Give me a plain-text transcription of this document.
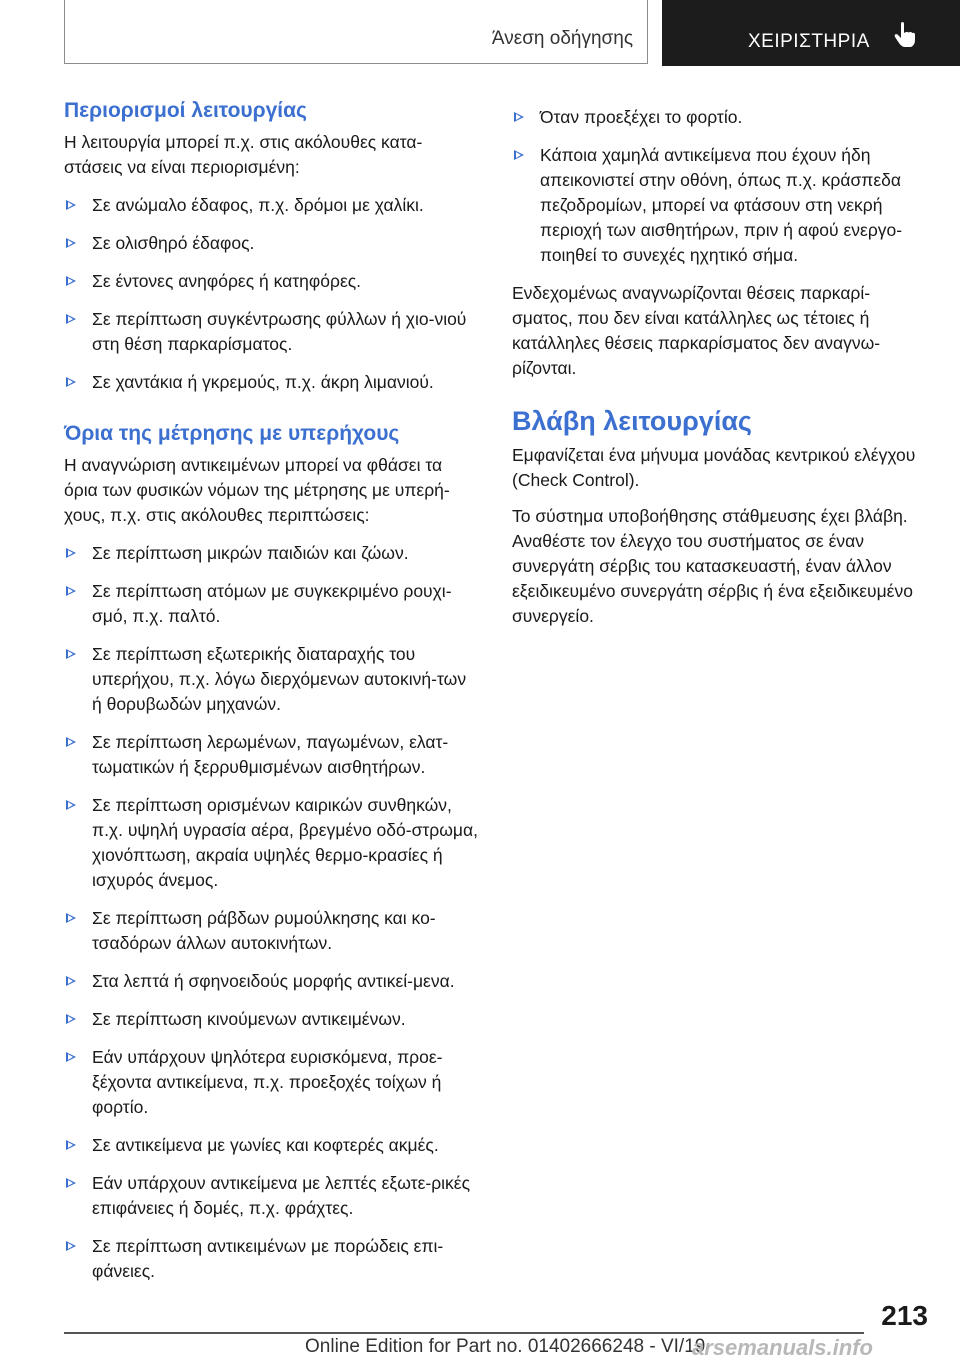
Άνεση οδήγησης	ΧΕΙΡΙΣΤΗΡΙΑ
Περιορισμοί λειτουργίας

Η λειτουργία μπορεί π.χ. στις ακόλουθες κατα-στάσεις να είναι περιορισμένη:

Σε ανώμαλο έδαφος, π.χ. δρόμοι με χαλίκι.
Σε ολισθηρό έδαφος.
Σε έντονες ανηφόρες ή κατηφόρες.
Σε περίπτωση συγκέντρωσης φύλλων ή χιο-νιού στη θέση παρκαρίσματος.
Σε χαντάκια ή γκρεμούς, π.χ. άκρη λιμανιού.
Όρια της μέτρησης με υπερήχους

Η αναγνώριση αντικειμένων μπορεί να φθάσει τα όρια των φυσικών νόμων της μέτρησης με υπερή-χους, π.χ. στις ακόλουθες περιπτώσεις:

Σε περίπτωση μικρών παιδιών και ζώων.
Σε περίπτωση ατόμων με συγκεκριμένο ρουχι-σμό, π.χ. παλτό.
Σε περίπτωση εξωτερικής διαταραχής του υπερήχου, π.χ. λόγω διερχόμενων αυτοκινή-των ή θορυβωδών μηχανών.
Σε περίπτωση λερωμένων, παγωμένων, ελατ-τωματικών ή ξερρυθμισμένων αισθητήρων.
Σε περίπτωση ορισμένων καιρικών συνθηκών, π.χ. υψηλή υγρασία αέρα, βρεγμένο οδό-στρωμα, χιονόπτωση, ακραία υψηλές θερμο-κρασίες ή ισχυρός άνεμος.
Σε περίπτωση ράβδων ρυμούλκησης και κο-τσαδόρων άλλων αυτοκινήτων.
Στα λεπτά ή σφηνοειδούς μορφής αντικεί-μενα.
Σε περίπτωση κινούμενων αντικειμένων.
Εάν υπάρχουν ψηλότερα ευρισκόμενα, προε-ξέχοντα αντικείμενα, π.χ. προεξοχές τοίχων ή φορτίο.
Σε αντικείμενα με γωνίες και κοφτερές ακμές.
Εάν υπάρχουν αντικείμενα με λεπτές εξωτε-ρικές επιφάνειες ή δομές, π.χ. φράχτες.
Σε περίπτωση αντικειμένων με πορώδεις επι-φάνειες.
Όταν προεξέχει το φορτίο.
Κάποια χαμηλά αντικείμενα που έχουν ήδη απεικονιστεί στην οθόνη, όπως π.χ. κράσπεδα πεζοδρομίων, μπορεί να φτάσουν στη νεκρή περιοχή των αισθητήρων, πριν ή αφού ενεργο-ποιηθεί το συνεχές ηχητικό σήμα.

Ενδεχομένως αναγνωρίζονται θέσεις παρκαρί-σματος, που δεν είναι κατάλληλες ως τέτοιες ή κατάλληλες θέσεις παρκαρίσματος δεν αναγνω-ρίζονται.

Βλάβη λειτουργίας

Εμφανίζεται ένα μήνυμα μονάδας κεντρικού ελέγχου (Check Control).

Το σύστημα υποβοήθησης στάθμευσης έχει βλάβη. Αναθέστε τον έλεγχο του συστήματος σε έναν συνεργάτη σέρβις του κατασκευαστή, έναν άλλον εξειδικευμένο συνεργάτη σέρβις ή ένα εξειδικευμένο συνεργείο.

213
Online Edition for Part no. 01402666248 - VI/19
arsemanuals.info
